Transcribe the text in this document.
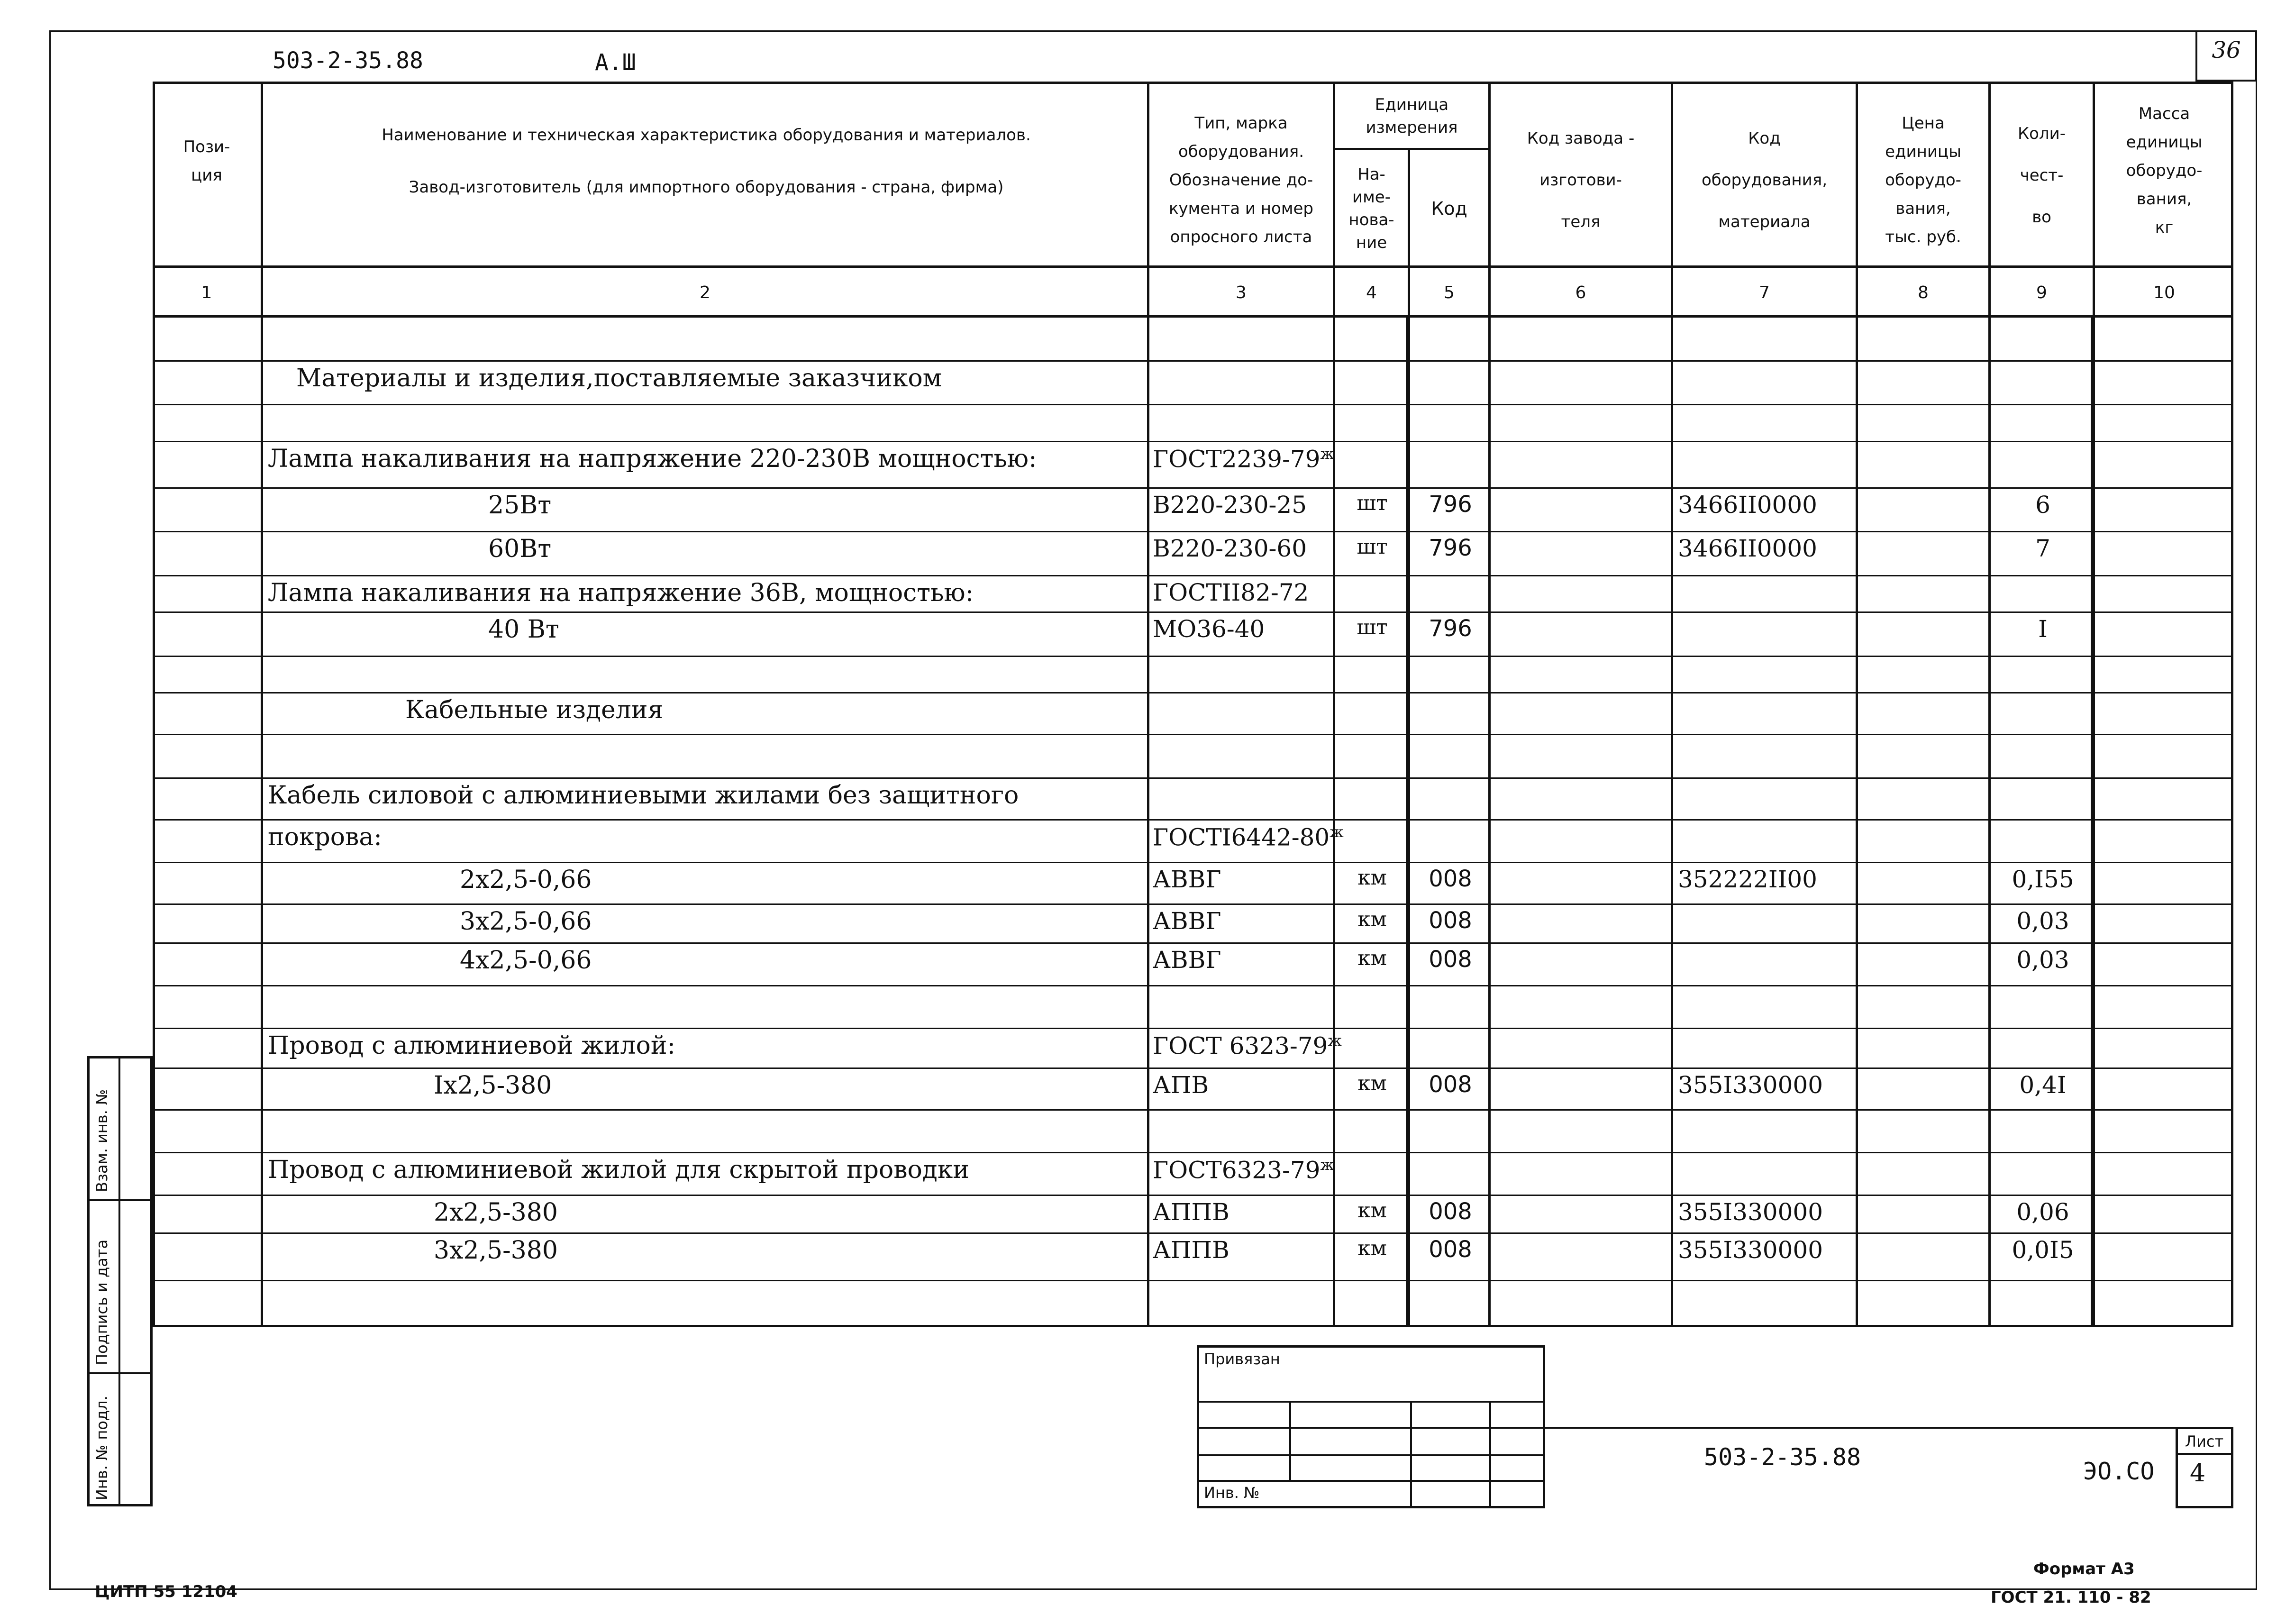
503-2-35.88	А.Ш	36
Пози-
ция
Наименование и техническая характеристика оборудования и материалов.
Завод-изготовитель (для импортного оборудования - страна, фирма)
Тип, марка
оборудования.
Обозначение до-
кумента и номер
опросного листа
Единица
измерения
На-
име-
нова-
ние
Код
Код завода -
изготови-
теля
Код
оборудования,
материала
Цена
единицы
оборудо-
вания,
тыс. руб.
Коли-
чест-
во
Масса
единицы
оборудо-
вания,
кг
1	2	3	4	5	6	7	8	9	10
Материалы и изделия,поставляемые заказчиком
Лампа накаливания на напряжение 220-230В мощностью:	$ГОСТ2239-79^ж$
25Вт	В220-230-25	шт	796	3466II0000	6
60Вт	В220-230-60	шт	796	3466II0000	7
Лампа накаливания на напряжение 36В, мощностью:	ГОСТII82-72
40 Вт	МО36-40	шт	796	I
Кабельные изделия
Кабель силовой с алюминиевыми жилами без защитного
покрова:	$ГОСТI6442-80^ж$
2х2,5-0,66	АВВГ	км	008	352222II00	0,I55
3х2,5-0,66	АВВГ	км	008	0,03
4х2,5-0,66	АВВГ	км	008	0,03
Провод с алюминиевой жилой:	ГОСТ $6323-79^ж$
Iх2,5-380	АПВ	км	008	355I330000	0,4I
Провод с алюминиевой жилой для скрытой проводки	$ГОСТ6323-79^ж$
2х2,5-380	АППВ	км	008	355I330000	0,06
3х2,5-380	АППВ	км	008	355I330000	0,0I5
Привязан
Инв. №
503-2-35.88
ЭО.СО
Лист
4
Взам. инв. №
Подпись и дата
Инв. № подл.
ЦИТП 55 12104
Формат А3
ГОСТ 21. 110 - 82
